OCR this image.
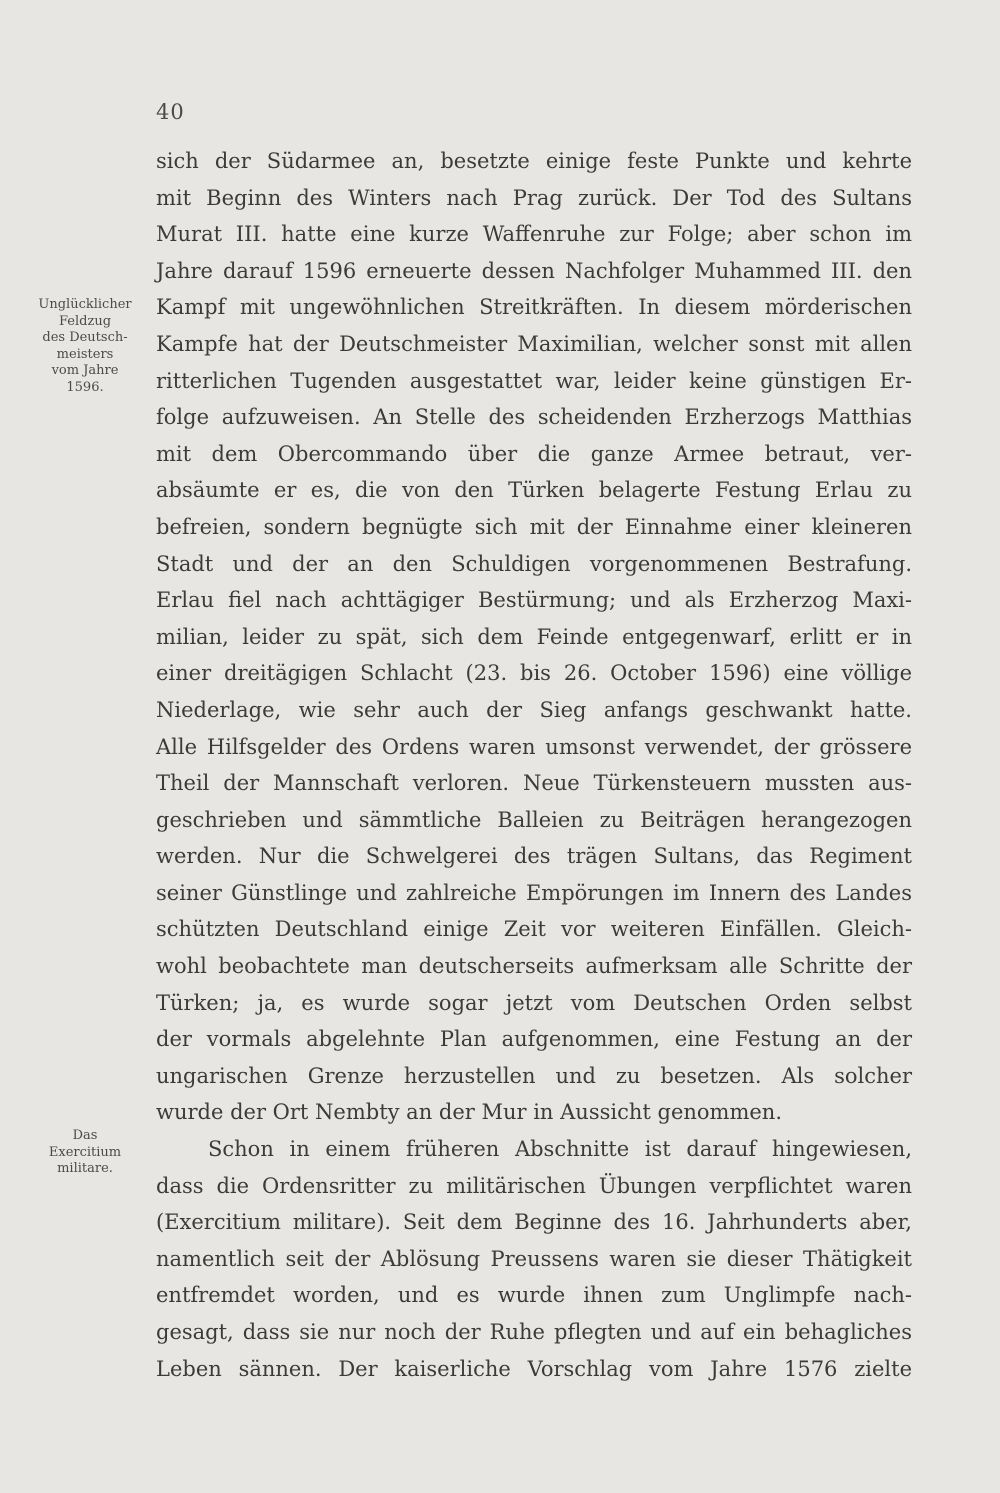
40
Unglücklicher
Feldzug
des Deutsch-
meisters
vom Jahre
1596.
Das
Exercitium
militare.
sich der Südarmee an, besetzte einige feste Punkte und kehrte
mit Beginn des Winters nach Prag zurück. Der Tod des Sultans
Murat III. hatte eine kurze Waffenruhe zur Folge; aber schon im
Jahre darauf 1596 erneuerte dessen Nachfolger Muhammed III. den
Kampf mit ungewöhnlichen Streitkräften. In diesem mörderischen
Kampfe hat der Deutschmeister Maximilian, welcher sonst mit allen
ritterlichen Tugenden ausgestattet war, leider keine günstigen Er-
folge aufzuweisen. An Stelle des scheidenden Erzherzogs Matthias
mit dem Obercommando über die ganze Armee betraut, ver-
absäumte er es, die von den Türken belagerte Festung Erlau zu
befreien, sondern begnügte sich mit der Einnahme einer kleineren
Stadt und der an den Schuldigen vorgenommenen Bestrafung.
Erlau fiel nach achttägiger Bestürmung; und als Erzherzog Maxi-
milian, leider zu spät, sich dem Feinde entgegenwarf, erlitt er in
einer dreitägigen Schlacht (23. bis 26. October 1596) eine völlige
Niederlage, wie sehr auch der Sieg anfangs geschwankt hatte.
Alle Hilfsgelder des Ordens waren umsonst verwendet, der grössere
Theil der Mannschaft verloren. Neue Türkensteuern mussten aus-
geschrieben und sämmtliche Balleien zu Beiträgen herangezogen
werden. Nur die Schwelgerei des trägen Sultans, das Regiment
seiner Günstlinge und zahlreiche Empörungen im Innern des Landes
schützten Deutschland einige Zeit vor weiteren Einfällen. Gleich-
wohl beobachtete man deutscherseits aufmerksam alle Schritte der
Türken; ja, es wurde sogar jetzt vom Deutschen Orden selbst
der vormals abgelehnte Plan aufgenommen, eine Festung an der
ungarischen Grenze herzustellen und zu besetzen. Als solcher
wurde der Ort Nembty an der Mur in Aussicht genommen.
Schon in einem früheren Abschnitte ist darauf hingewiesen,
dass die Ordensritter zu militärischen Übungen verpflichtet waren
(Exercitium militare). Seit dem Beginne des 16. Jahrhunderts aber,
namentlich seit der Ablösung Preussens waren sie dieser Thätigkeit
entfremdet worden, und es wurde ihnen zum Unglimpfe nach-
gesagt, dass sie nur noch der Ruhe pflegten und auf ein behagliches
Leben sännen. Der kaiserliche Vorschlag vom Jahre 1576 zielte
